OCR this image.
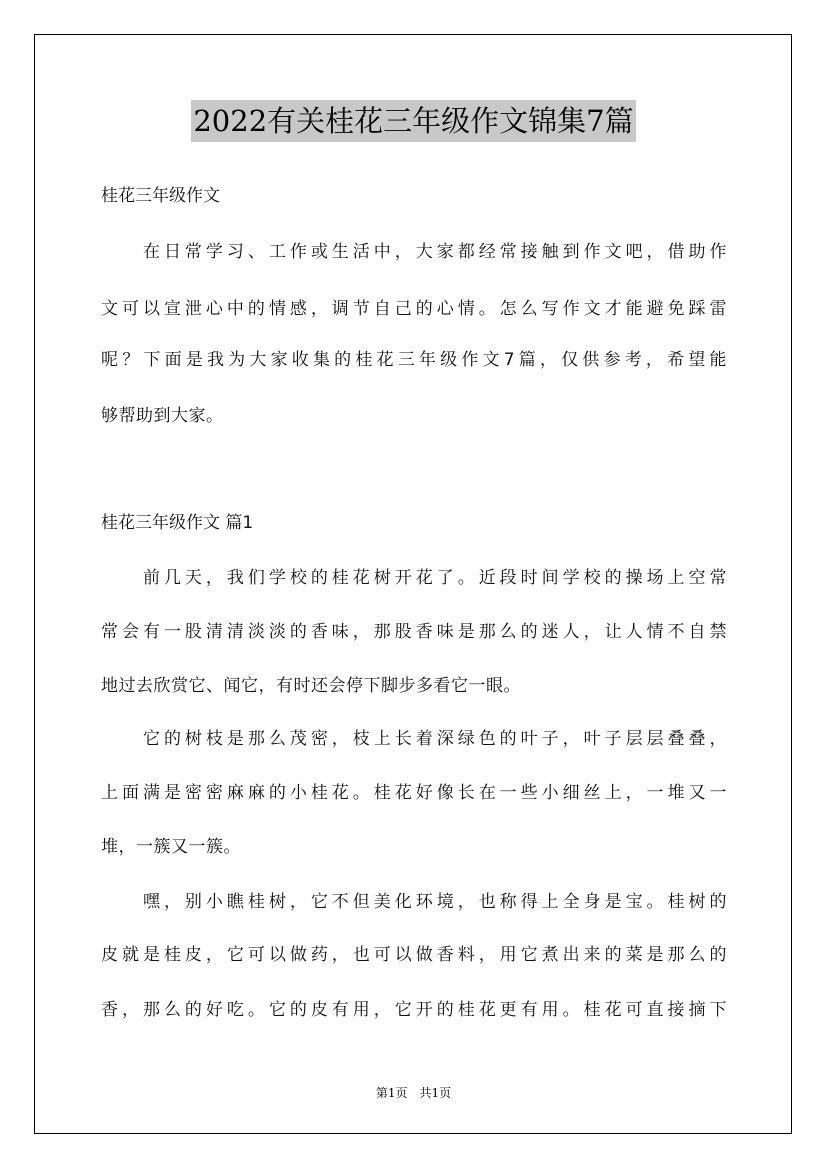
2022有关桂花三年级作文锦集7篇
桂花三年级作文
　　在日常学习、工作或生活中，大家都经常接触到作文吧，借助作
文可以宣泄心中的情感，调节自己的心情。怎么写作文才能避免踩雷
呢？下面是我为大家收集的桂花三年级作文7篇，仅供参考，希望能
够帮助到大家。
桂花三年级作文 篇1
　　前几天，我们学校的桂花树开花了。近段时间学校的操场上空常
常会有一股清清淡淡的香味，那股香味是那么的迷人，让人情不自禁
地过去欣赏它、闻它，有时还会停下脚步多看它一眼。
　　它的树枝是那么茂密，枝上长着深绿色的叶子，叶子层层叠叠，
上面满是密密麻麻的小桂花。桂花好像长在一些小细丝上，一堆又一
堆，一簇又一簇。
　　嘿，别小瞧桂树，它不但美化环境，也称得上全身是宝。桂树的
皮就是桂皮，它可以做药，也可以做香料，用它煮出来的菜是那么的
香，那么的好吃。它的皮有用，它开的桂花更有用。桂花可直接摘下
第1页　共1页
